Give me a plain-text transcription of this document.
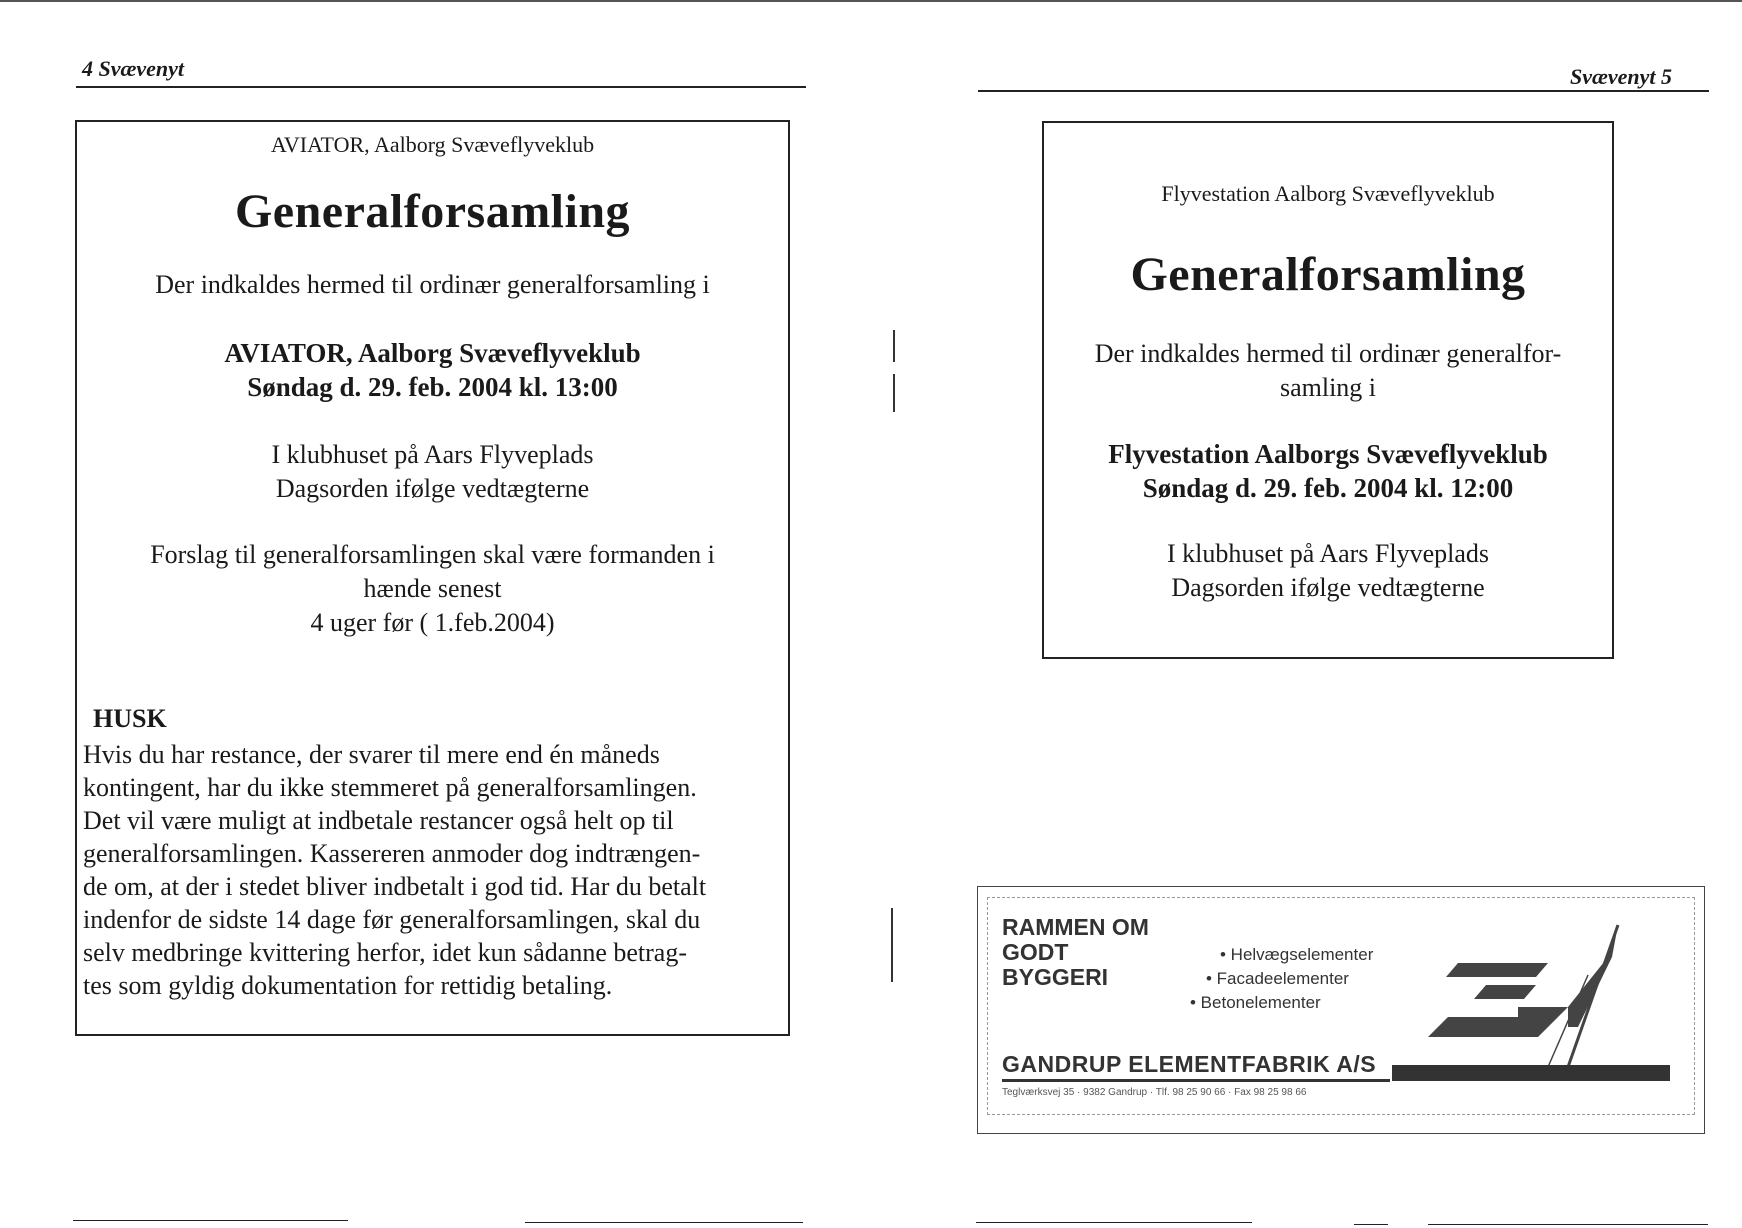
4 Svævenyt
AVIATOR, Aalborg Svæveflyveklub
Generalforsamling
Der indkaldes hermed til ordinær generalforsamling i
AVIATOR, Aalborg Svæveflyveklub
Søndag d. 29. feb. 2004 kl. 13:00
I klubhuset på Aars Flyveplads
Dagsorden ifølge vedtægterne
Forslag til generalforsamlingen skal være formanden i
hænde senest
4 uger før ( 1.feb.2004)
HUSK
Hvis du har restance, der svarer til mere end én måneds
kontingent, har du ikke stemmeret på generalforsamlingen.
Det vil være muligt at indbetale restancer også helt op til
generalforsamlingen. Kassereren anmoder dog indtrængen-
de om, at der i stedet bliver indbetalt i god tid. Har du betalt
indenfor de sidste 14 dage før generalforsamlingen, skal du
selv medbringe kvittering herfor, idet kun sådanne betrag-
tes som gyldig dokumentation for rettidig betaling.
Svævenyt 5
Flyvestation Aalborg Svæveflyveklub
Generalforsamling
Der indkaldes hermed til ordinær generalfor-
samling i
Flyvestation Aalborgs Svæveflyveklub
Søndag d. 29. feb. 2004 kl. 12:00
I klubhuset på Aars Flyveplads
Dagsorden ifølge vedtægterne
RAMMEN OM
GODT
BYGGERI
• Helvægselementer
• Facadeelementer
• Betonelementer
GANDRUP ELEMENTFABRIK A/S
Teglværksvej 35 · 9382 Gandrup · Tlf. 98 25 90 66 · Fax 98 25 98 66
